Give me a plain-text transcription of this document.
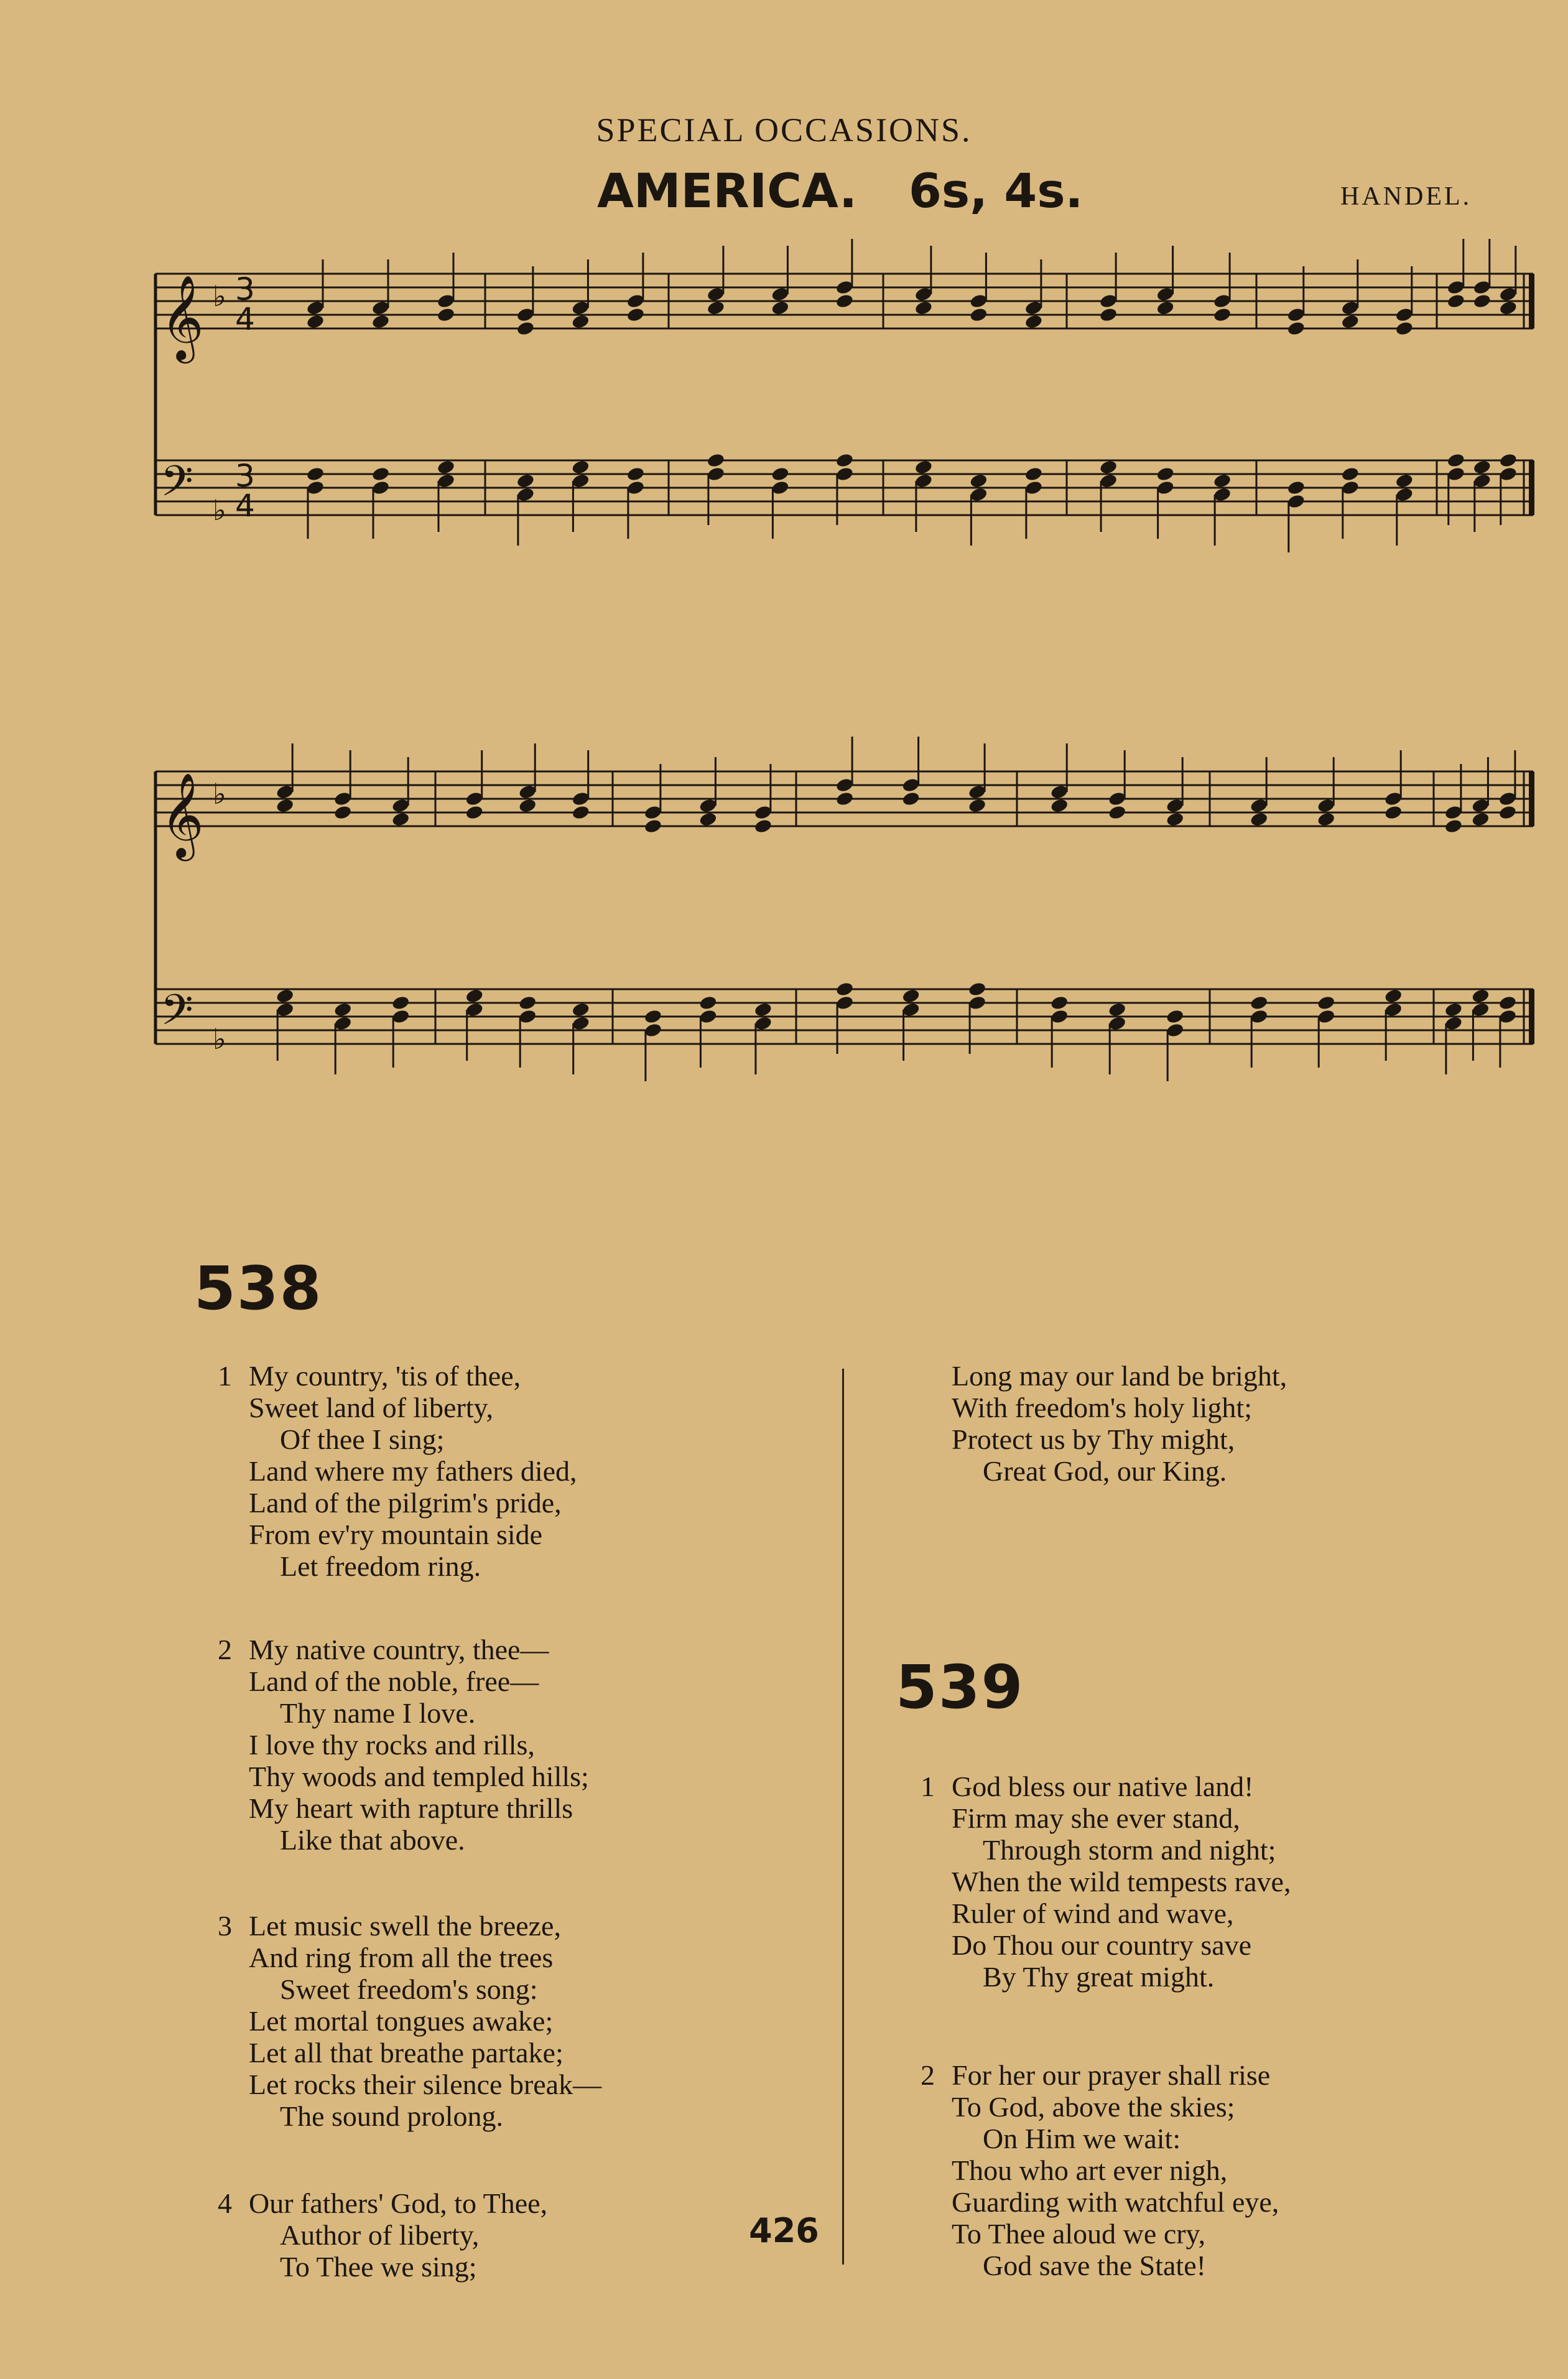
SPECIAL OCCASIONS.
AMERICA. 6s, 4s.	HANDEL.
𝄞
𝄢
♭
♭
3
4
3
4
𝄞
𝄢
♭
♭
538
1 My country, 'tis of thee,
Sweet land of liberty,
Of thee I sing;
Land where my fathers died,
Land of the pilgrim's pride,
From ev'ry mountain side
Let freedom ring.
2 My native country, thee—
Land of the noble, free—
Thy name I love.
I love thy rocks and rills,
Thy woods and templed hills;
My heart with rapture thrills
Like that above.
3 Let music swell the breeze,
And ring from all the trees
Sweet freedom's song:
Let mortal tongues awake;
Let all that breathe partake;
Let rocks their silence break—
The sound prolong.
4 Our fathers' God, to Thee,
Author of liberty,
To Thee we sing;
Long may our land be bright,
With freedom's holy light;
Protect us by Thy might,
Great God, our King.
539
1 God bless our native land!
Firm may she ever stand,
Through storm and night;
When the wild tempests rave,
Ruler of wind and wave,
Do Thou our country save
By Thy great might.
2 For her our prayer shall rise
To God, above the skies;
On Him we wait:
Thou who art ever nigh,
Guarding with watchful eye,
To Thee aloud we cry,
God save the State!
426
